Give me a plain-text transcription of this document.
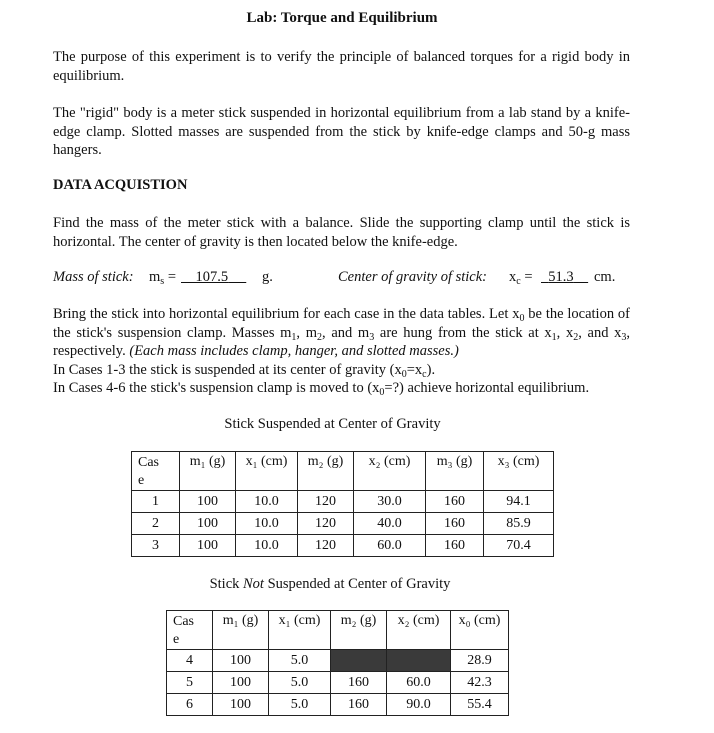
Lab: Torque and Equilibrium

The purpose of this experiment is to verify the principle of balanced torques for a rigid body in equilibrium.

The "rigid" body is a meter stick suspended in horizontal equilibrium from a lab stand by a knife-edge clamp. Slotted masses are suspended from the stick by knife-edge clamps and 50-g mass hangers.

DATA ACQUISTION

Find the mass of the meter stick with a balance. Slide the supporting clamp until the stick is horizontal. The center of gravity is then located below the knife-edge.

Mass of stick: $m_s$ =	107.5	g.	Center of gravity of stick: $x_c$ =	51.3	cm.

Bring the stick into horizontal equilibrium for each case in the data tables. Let $x_0$ be the location of the stick's suspension clamp. Masses $m_1$, $m_2$, and $m_3$ are hung from the stick at $x_1$, $x_2$, and $x_3$, respectively. (Each mass includes clamp, hanger, and slotted masses.)
In Cases 1-3 the stick is suspended at its center of gravity $(x_0=x_c)$.
In Cases 4-6 the stick's suspension clamp is moved to $(x_0=?)$ achieve horizontal equilibrium.

Stick Suspended at Center of Gravity
Cas
e	m₁ (g)	x₁ (cm)	m₂ (g)	x₂ (cm)	m₃ (g)	x₃ (cm)
1	100	10.0	120	30.0	160	94.1
2	100	10.0	120	40.0	160	85.9
3	100	10.0	120	60.0	160	70.4
Stick Not Suspended at Center of Gravity
Cas
e	m₁ (g)	x₁ (cm)	m₂ (g)	x₂ (cm)	x₀ (cm)
4	100	5.0			28.9
5	100	5.0	160	60.0	42.3
6	100	5.0	160	90.0	55.4
